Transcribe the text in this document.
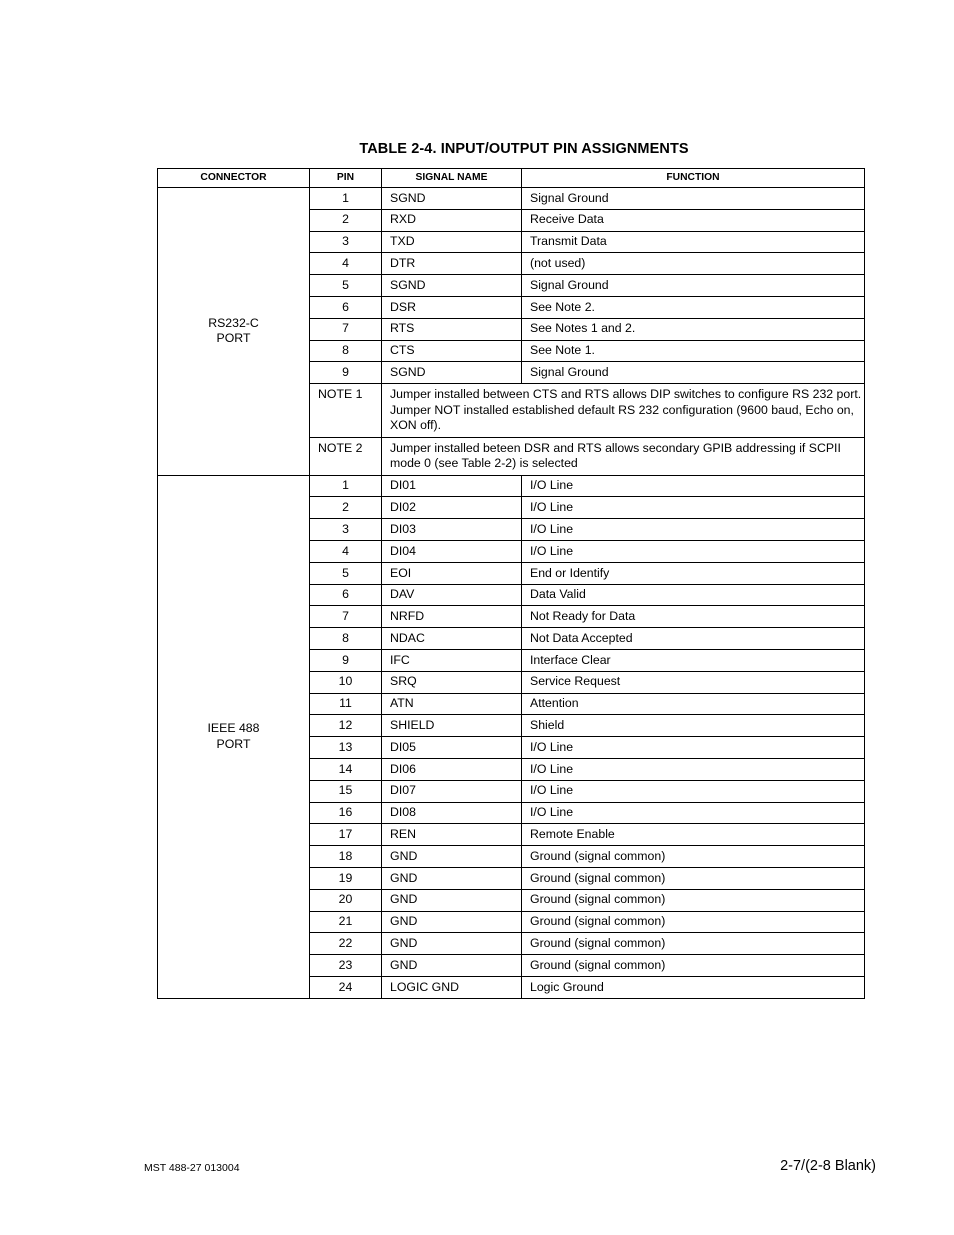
TABLE 2-4. INPUT/OUTPUT PIN ASSIGNMENTS
CONNECTOR	PIN	SIGNAL NAME	FUNCTION

RS232-C
PORT	1	SGND	Signal Ground
	2	RXD	Receive Data
	3	TXD	Transmit Data
	4	DTR	(not used)
	5	SGND	Signal Ground
	6	DSR	See Note 2.
	7	RTS	See Notes 1 and 2.
	8	CTS	See Note 1.
	9	SGND	Signal Ground
	NOTE 1	Jumper installed between CTS and RTS allows DIP switches to configure RS 232 port. Jumper NOT installed established default RS 232 configuration (9600 baud, Echo on, XON off).	
	NOTE 2	Jumper installed beteen DSR and RTS allows secondary GPIB addressing if SCPII mode 0 (see Table 2-2) is selected	

IEEE 488
PORT	1	DI01	I/O Line
	2	DI02	I/O Line
	3	DI03	I/O Line
	4	DI04	I/O Line
	5	EOI	End or Identify
	6	DAV	Data Valid
	7	NRFD	Not Ready for Data
	8	NDAC	Not Data Accepted
	9	IFC	Interface Clear
	10	SRQ	Service Request
	11	ATN	Attention
	12	SHIELD	Shield
	13	DI05	I/O Line
	14	DI06	I/O Line
	15	DI07	I/O Line
	16	DI08	I/O Line
	17	REN	Remote Enable
	18	GND	Ground (signal common)
	19	GND	Ground (signal common)
	20	GND	Ground (signal common)
	21	GND	Ground (signal common)
	22	GND	Ground (signal common)
	23	GND	Ground (signal common)
	24	LOGIC GND	Logic Ground
MST 488-27 013004	2-7/(2-8 Blank)
